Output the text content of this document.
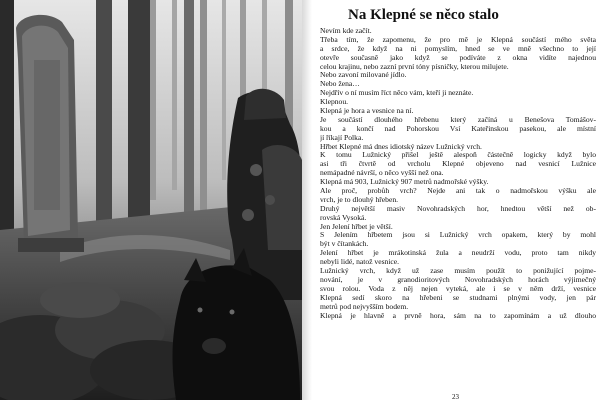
Na Klepné se něco stalo
Nevím kde začít.
Třeba tím, že zapomenu, že pro mě je Klepná součástí mého světa
a srdce, že když na ni pomyslím, hned se ve mně všechno to její
otevře současně jako když se podíváte z okna vidíte najednou
celou krajinu, nebo zazní první tóny písničky, kterou milujete.
Nebo zavoní milované jídlo.
Nebo žena…
Nejdřív o ní musím říct něco vám, kteří ji neznáte.
Klepnou.
Klepná je hora a vesnice na ní.
Je součástí dlouhého hřebenu který začíná u Benešova Tomášov-
kou a končí nad Pohorskou Vsí Kateřinskou pasekou, ale místní
jí říkají Polka.
Hřbet Klepné má dnes idiotský název Lužnický vrch.
K tomu Lužnický přišel ještě alespoň částečně logicky když bylo
asi tři čtvrtě od vrcholu Klepné objeveno nad vesnicí Lužnice
nemápadné návrší, o něco vyšší než ona.
Klepná má 903, Lužnický 907 metrů nadmořské výšky.
Ale proč, probůh vrch? Nejde ani tak o nadmořskou výšku ale
vrch, je to dlouhý hřeben.
Druhý největší masiv Novohradských hor, hnedtou větší než ob-
rovská Vysoká.
Jen Jelení hřbet je větší.
S Jelením hřbetem jsou si Lužnický vrch opakem, který by mohl
být v čítankách.
Jelení hřbet je mrákotinská žula a neudrží vodu, proto tam nikdy
nebyli lidé, natož vesnice.
Lužnický vrch, když už zase musím použít to ponižující pojme-
nování, je v granodioritových Novohradských horách výjimečný
svou rolou. Voda z něj nejen vyteká, ale i se v něm drží, vesnice
Klepná sedí skoro na hřebeni se studnami plnými vody, jen pár
metrů pod nejvyšším bodem.
Klepná je hlavně a prvně hora, sám na to zapomínám a už dlouho
23
